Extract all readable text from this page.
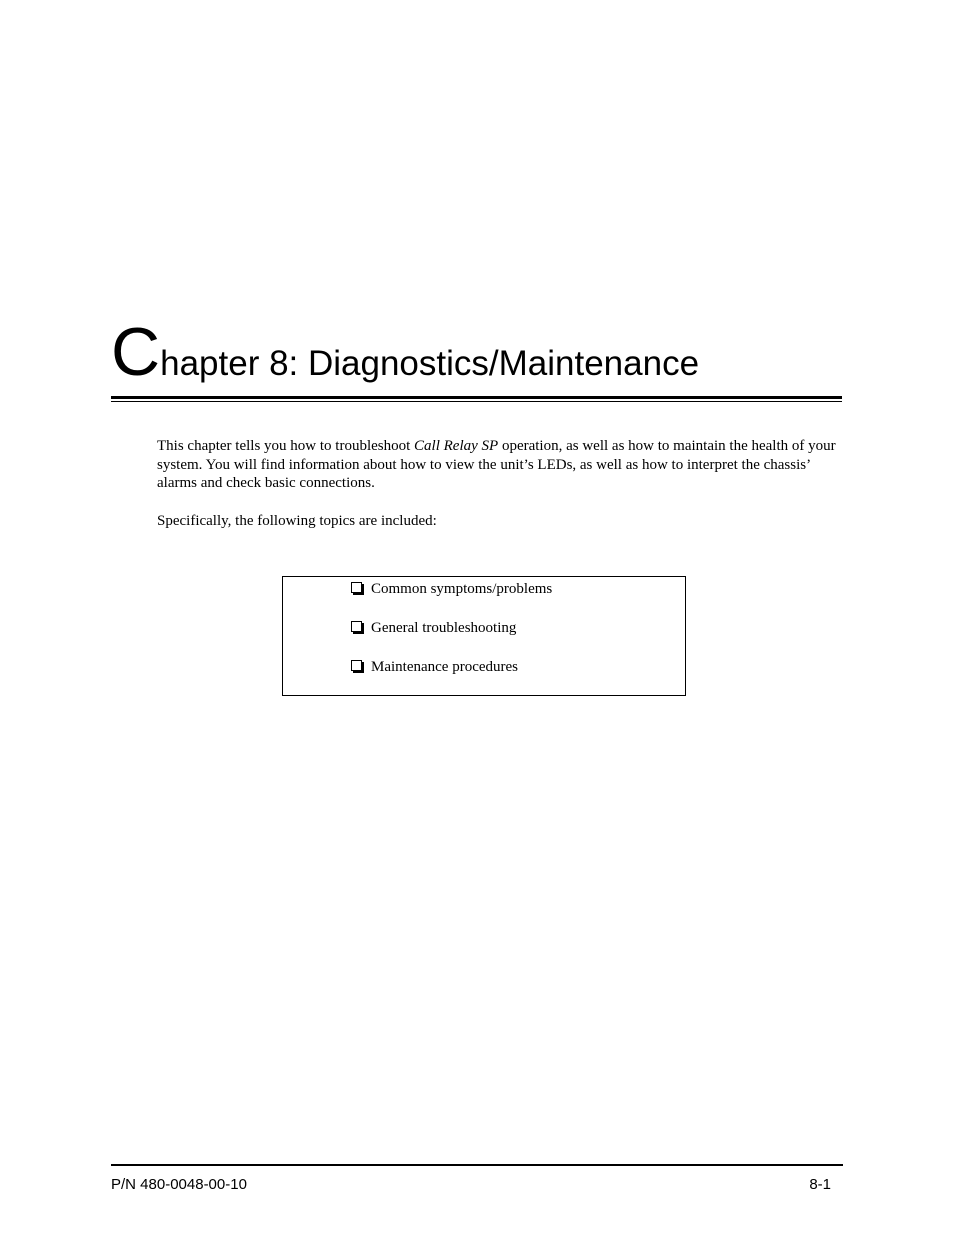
Chapter 8: Diagnostics/Maintenance

This chapter tells you how to troubleshoot Call Relay SP operation, as well as how to maintain the health of your system. You will find information about how to view the unit’s LEDs, as well as how to interpret the chassis’ alarms and check basic connections.

Specifically, the following topics are included:

Common symptoms/problems
General troubleshooting
Maintenance procedures
P/N 480-0048-00-10	8-1
